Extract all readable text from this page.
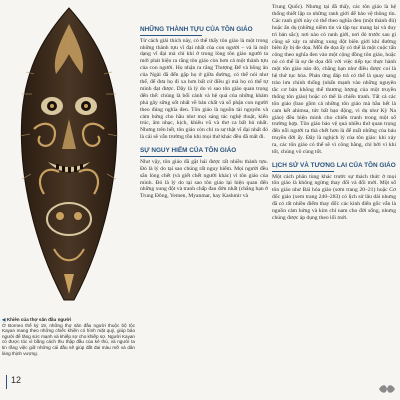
NHỮNG THÀNH TỰU CỦA TÔN GIÁO

Từ cách giải thích này, có thể thấy tôn giáo là một trong những thành tựu vĩ đại nhất của con người – và là một dạng vĩ đại mà chỉ khi ở trong lòng tôn giáo người ta mới phát hiện ra rằng tôn giáo còn hơn cả một thành tựu của con người. Họ nhận ra rằng Thượng Đế và hồng ân của Ngài đã đến gặp họ ở giữa đường, có thể nói như thế, để đưa họ đi xa hơn bất cứ điều gì mà họ có thể tự mình đạt được. Dây là lý do vì sao tôn giáo quan trọng đến thế: chúng là bối cảnh và hệ quả của những khám phá gây sững sốt nhất về bản chất và số phận con người theo đúng nghĩa đen. Tôn giáo là nguồn tài nguyên và cảm hứng cho hầu như mọi sáng tác nghệ thuật, kiến trúc, âm nhạc, kịch, khiêu vũ và thơ ca bất hủ nhất. Nhưng trên hết, tôn giáo còn chỉ ra sự thật vĩ đại nhất đó là cái sẽ vẫn trường tồn khi mọi thứ khác đều đã mất đi.

SỰ NGUY HIỂM CỦA TÔN GIÁO

Như vậy, tôn giáo đã gặt hái được rất nhiều thành tựu. Đó là lý do tại sao chúng rất nguy hiểm. Mọi người đều sẵn lòng chết (và giết chết người khác) vì tôn giáo của mình. Đó là lý do tại sao tôn giáo lại hiện quan đến những xung đột và tranh chấp đau đớn nhất (chẳng hạn ở Trung Đông, Yemen, Myanmar, hay Kashmir và

Trung Quốc). Nhưng tại đã thấy, các tôn giáo là hệ thống thiết lập ra những ranh giới để bảo vệ thông tin. Các ranh giới này có thể theo nghĩa đen (một thành đủ) hoặc ẩn dụ (những niềm tin và tập tục mang lại và duy trì bản sắc); nơi nào có ranh giới, nơi đó trước sau gì cũng sẽ xảy ra những xung đột biên giới khi đường biên ấy bị đe dọa. Mỗi đe dọa ấy có thể là một cuộc tấn công theo nghĩa đen vào một cộng đồng tôn giáo, hoặc nó có thể là sự đe dọa đối với việc tiếp tục thực hành một tôn giáo nào đó, chẳng hạn như điều được coi là hệ thứ tục hóa. Phản ứng đáp trả có thể là quay sang trào lưu chính thống (nhấn mạnh vào những nguyên tắc cơ bản không thể thương lượng của một truyền thống tôn giáo) hoặc có thể là chiến tranh. Tất cả các tôn giáo (bao gồm cả những tôn giáo mà hầu hết là cam kết ahimsa, tức bất bạo động, vì dụ như Kỳ Na giáo) đều biện minh cho chiến tranh trong một số trường hợp. Tôn giáo bảo vệ quá nhiều thứ quan trọng đến nỗi người ta thà chết hơn là để mất những của báu truyền đời ấy. Đây là nghịch lý của tôn giáo: khi xảy ra, các tôn giáo có thể sẽ vì công bằng, chỉ bởi vì khi tốt, chúng vô cùng tốt.

LỊCH SỬ VÀ TƯƠNG LAI CỦA TÔN GIÁO

Một cách phân tùng khác trước sự thách thức ở mọi tôn giáo là không ngừng thay đổi và đổi mới. Một số tôn giáo như Bái hỏa giáo (sơm trang 20–21) hoặc Cơ đốc giáo (xem trang 240–283) có lịch sử lâu dài nhưng đã có rất nhiều điểm thay đổi: các kinh điển gốc vẫn là nguồn cảm hứng và kim chỉ nam cho đời sống, nhưng chúng được áp dụng theo lối mới.

◀ Khiên của thợ săn đầu người
Ở Borneo thế kỷ 19, những thợ săn đầu người thuộc bộ tộc Kayan mang theo những chiếc khiên có hình mặt quỷ, giúp bảo người để tăng sức mạnh và khiếp sợ cho khiếp sợ. Người Kayan có được tóc vì bằng cách thu thập đầu của kẻ thù, và người ta tin rằng việc giữ những cái đầu sẽ giúp đất đai màu mỡ và dân làng thịnh vượng.
12
